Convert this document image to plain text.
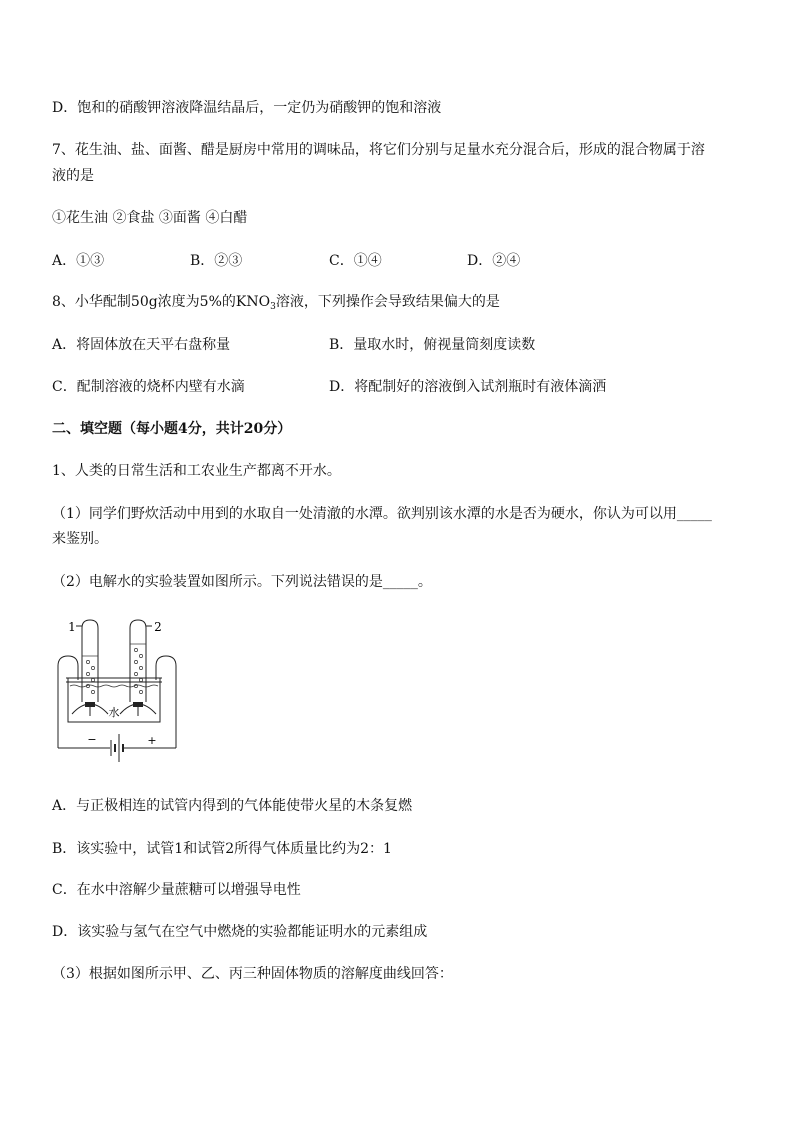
D．饱和的硝酸钾溶液降温结晶后，一定仍为硝酸钾的饱和溶液
7、花生油、盐、面酱、醋是厨房中常用的调味品，将它们分别与足量水充分混合后，形成的混合物属于溶
液的是
①花生油 ②食盐 ③面酱 ④白醋
A．①③	B．②③	C．①④	D．②④
8、小华配制50g浓度为5%的$KNO_3$溶液，下列操作会导致结果偏大的是
A．将固体放在天平右盘称量	B．量取水时，俯视量筒刻度读数
C．配制溶液的烧杯内壁有水滴	D．将配制好的溶液倒入试剂瓶时有液体滴洒
二、填空题（每小题4分，共计20分）
1、人类的日常生活和工农业生产都离不开水。
（1）同学们野炊活动中用到的水取自一处清澈的水潭。欲判别该水潭的水是否为硬水，你认为可以用_____
来鉴别。
（2）电解水的实验装置如图所示。下列说法错误的是_____。
1	2
水
−	+
A．与正极相连的试管内得到的气体能使带火星的木条复燃
B．该实验中，试管1和试管2所得气体质量比约为2：1
C．在水中溶解少量蔗糖可以增强导电性
D．该实验与氢气在空气中燃烧的实验都能证明水的元素组成
（3）根据如图所示甲、乙、丙三种固体物质的溶解度曲线回答：
